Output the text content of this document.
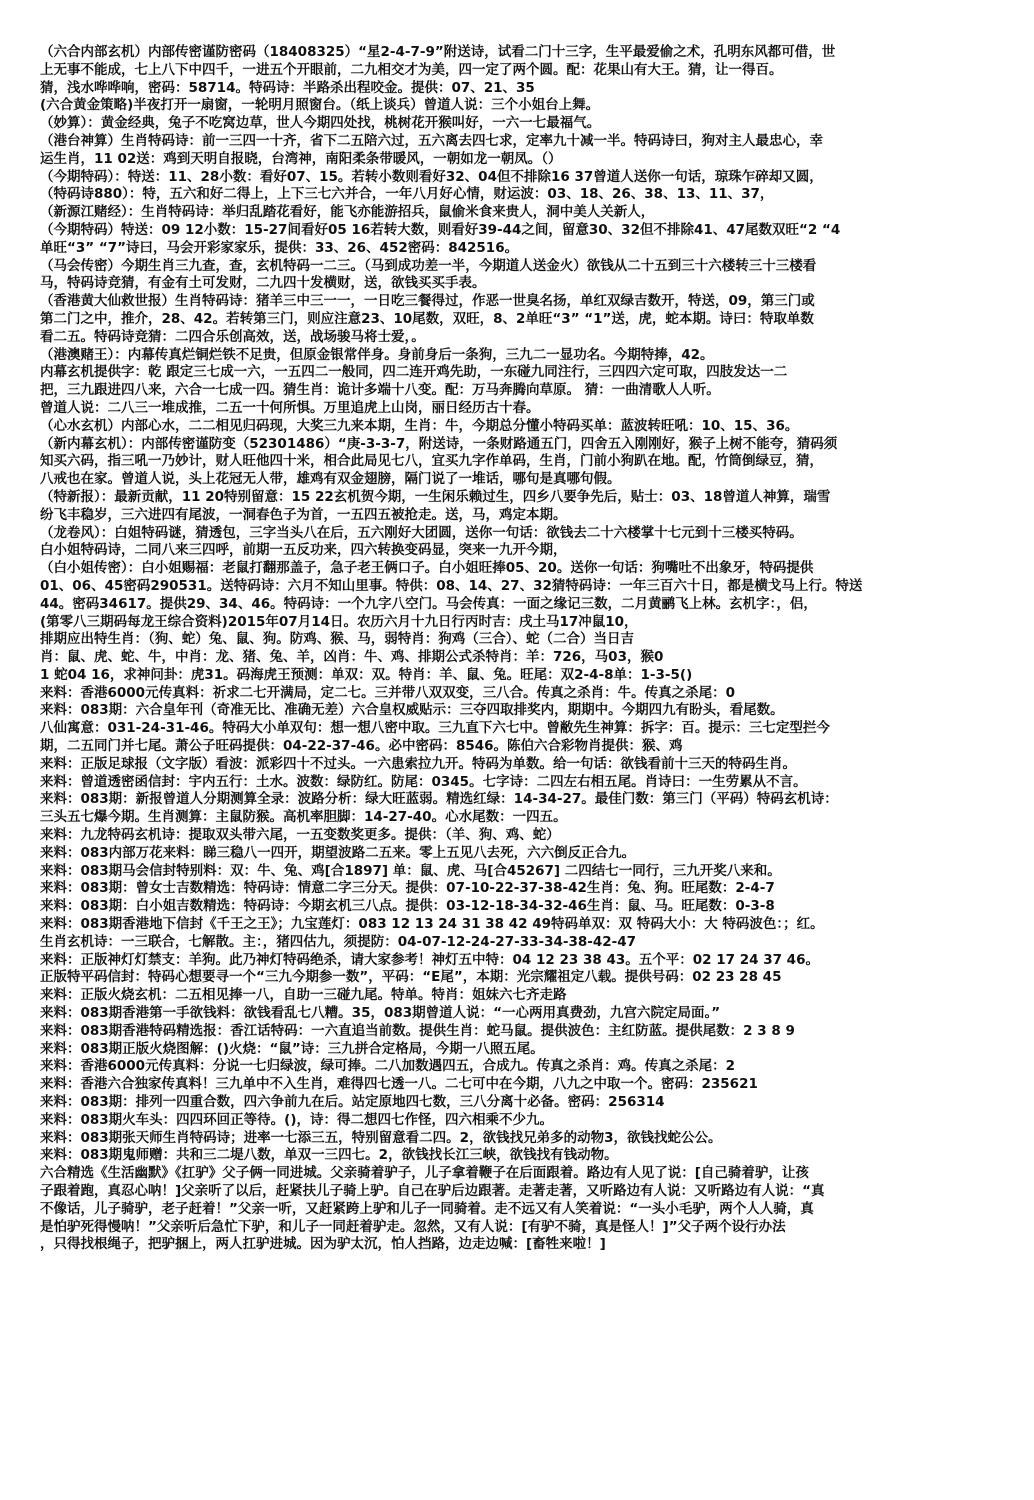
（六合内部玄机）内部传密谨防密码（18408325）“星2-4-7-9”附送诗，试看二门十三字，生平最爱偷之术，孔明东风都可借，世
上无事不能成，七上八下中四千，一进五个开眼前，二九相交才为美，四一定了两个圆。配：花果山有大王。猜，让一得百。
猜，浅水哗哗响，密码：58714。特码诗：半路杀出程咬金。提供：07、21、35
(六合黄金策略)半夜打开一扇窗，一轮明月照窗台。（纸上谈兵）曾道人说：三个小姐台上舞。
（妙算）：黄金经典，兔子不吃窝边草，世人今期四处找，桃树花开猴叫好，一六一七最福气。
（港台神算）生肖特码诗：前一三四一十齐，省下二五陪六过，五六离去四七求，定率九十减一半。特码诗曰，狗对主人最忠心，幸
运生肖，11 02送：鸡到天明自报晓，台湾神，南阳柔条带暖风，一朝如龙一朝凤。（）
（今期特码）：特送：11、28小数：看好07、15。若转小数则看好32、04但不排除16 37曾道人送你一句话，琼珠乍碎却又圆，
（特码诗880）：特，五六和好二得上，上下三七六并合，一年八月好心情，财运波：03、18、26、38、13、11、37，
（新源江赌经）：生肖特码诗：举归乱踏花看好，能飞亦能游招兵，鼠偷米食来贵人，洞中美人关新人，
（今期特码）特送：09 12小数：15-27间看好05 16若转大数，则看好39-44之间，留意30、32但不排除41、47尾数双旺“2 “4
单旺“3” “7”诗曰，马会开彩家家乐，提供：33、26、452密码：842516。
（马会传密）今期生肖三九查，查，玄机特码一二三。（马到成功差一半，今期道人送金火）欲钱从二十五到三十六楼转三十三楼看
马，特码诗竞猜，有金有土可发财，二九四十发横财，送，欲钱买买手表。
（香港黄大仙救世报）生肖特码诗：猪羊三中三一一，一日吃三餐得过，作恶一世臭名扬，单红双绿吉数开，特送，09，第三门或
第二门之中，推介，28、42。若转第三门，则应注意23、10尾数，双旺，8、2单旺“3” “1”送，虎，蛇本期。诗曰：特取单数
看二五。特码诗竞猜：二四合乐创高效，送，战场骏马将士爱，。
（港澳赌王）：内幕传真烂铜烂铁不足贵，但原金银常伴身。身前身后一条狗，三九二一显功名。今期特捧，42。
内幕玄机提供字：乾 跟定三七成一六，一五四二一般同，四二连开鸡先助，一东碰九同注行，三四四六定可取，四肢发达一二
把，三九跟进四八来，六合一七成一四。猜生肖：诡计多端十八变。配：万马奔腾向草原。 猜：一曲清歌人人听。
曾道人说：二八三一堆成推，二五一十何所惧。万里追虎上山岗，丽日经历古十春。
（心水玄机）内部心水，二二相见归码现，大奖三九来本期，生肖：牛，今期总分懂小特码买单：蓝波转旺吼：10、15、36。
（新内幕玄机）：内部传密谨防变（52301486）“庚-3-3-7，附送诗，一条财路通五门，四舍五入刚刚好，猴子上树不能夸，猜码须
知买六码，指三吼一乃妙计，财人旺他四十米，相合此局见七八，宜买九字作单码，生肖，门前小狗趴在地。配，竹筒倒绿豆，猜，
八戒也在家。曾道人说，头上花冠无人带，雄鸡有双金翅膀，隔门说了一堆话，哪句是真哪句假。
（特新报）：最新贡献，11 20特别留意：15 22玄机贺今期，一生闲乐赖过生，四乡八要争先后，贴士：03、18曾道人神算，瑞雪
纷飞丰稳岁，三六进四有尾波，一洞春色子为首，一五四五被抢走。送，马，鸡定本期。
（龙卷风）：白姐特码谜，猜透包，三字当头八在后，五六刚好大团圆，送你一句话：欲钱去二十六楼掌十七元到十三楼买特码。
白小姐特码诗，二同八来三四呼，前期一五反功来，四六转换变码显，突来一九开今期，
（白小姐传密）：白小姐赐福：老鼠打翻那盖子，急子老王俩口子。白小姐旺捧05、20。送你一句话：狗嘴吐不出象牙，特码提供
01、06、45密码290531。送特码诗：六月不知山里事。特供：08、14、27、32猜特码诗：一年三百六十日，都是横戈马上行。特送
44。密码34617。提供29、34、46。特码诗：一个九字八空门。马会传真：一面之缘记三数，二月黄鹂飞上林。玄机字：，侣，
(第零八三期码每龙王综合资料)2015年07月14日。农历六月十九日行丙时吉：戌土马17冲鼠10，
排期应出特生肖：（狗、蛇）兔、鼠、狗。防鸡、猴、马，弱特肖：狗鸡（三合）、蛇（二合）当日吉
肖：鼠、虎、蛇、牛，中肖：龙、猪、兔、羊，凶肖：牛、鸡、排期公式杀特肖：羊：726，马03，猴0
1 蛇04 16，求神问卦：虎31。码海虎王预测：单双：双。特肖：羊、鼠、兔。旺尾：双2-4-8单：1-3-5()
来料：香港6000元传真料：祈求二七开满局，定二七。三并带八双双变，三八合。传真之杀肖：牛。传真之杀尾：0
来料：083期：六合皇年刊（奇准无比、准确无差）六合皇权威贴示：三夺四取排奖内，期期中。今期四九有盼头，看尾数。
八仙寓意：031-24-31-46。特码大小单双句：想一想八密中取。三九直下六七中。曾敝先生神算：拆字：百。提示：三七定型拦今
期，二五同门并七尾。萧公子旺码提供：04-22-37-46。必中密码：8546。陈伯六合彩物肖提供：猴、鸡
来料：正版足球报（文字版）看波：派彩四十不过头。一六患索拉九开。特码为单数。给一句话：欲钱看前十三天的特码生肖。
来料：曾道透密函信封：宇内五行：土水。波数：绿防红。防尾：0345。七字诗：二四左右相五尾。肖诗曰：一生劳累从不言。
来料：083期：新报曾道人分期测算全录：波路分析：绿大旺蓝弱。精选红绿：14-34-27。最佳门数：第三门（平码）特码玄机诗：
三头五七爆今期。生肖测算：主鼠防猴。高机率胆脚：14-27-40。心水尾数：一四五。
来料：九龙特码玄机诗：提取双头带六尾，一五变数奖更多。提供：（羊、狗、鸡、蛇）
来料：083内部万花来料：睇三稳八一四开，期望波路二五来。零上五见八去死，六六倒反正合九。
来料：083期马会信封特别料：双：牛、兔、鸡[合1897] 单：鼠、虎、马[合45267] 二四结七一同行，三九开奖八来和。
来料：083期：曾女士吉数精选：特码诗：情意二字三分天。提供：07-10-22-37-38-42生肖：兔、狗。旺尾数：2-4-7
来料：083期：白小姐吉数精选：特码诗：今期玄机三八点。提供：03-12-18-34-32-46生肖：鼠、马。旺尾数：0-3-8
来料：083期香港地下信封《千王之王》；九宝莲灯：083 12 13 24 31 38 42 49特码单双：双 特码大小：大 特码波色：；红。
生肖玄机诗：一三联合，七解散。主：，猪四估九，须提防：04-07-12-24-27-33-34-38-42-47
来料：正版神灯灯禁支：羊狗。此乃神灯特码绝杀，请大家参考！神灯五中特：04 12 23 38 43。五个平：02 17 24 37 46。
正版特平码信封：特码心想要寻一个“三九今期参一数”，平码：“E尾”，本期：光宗耀祖定八载。提供号码：02 23 28 45
来料：正版火烧玄机：二五相见捧一八，自助一三碰九尾。特单。特肖：姐妹六七齐走路
来料：083期香港第一手欲钱料：欲钱看乱七八糟。35，083期曾道人说：“一心两用真费劲，九宫六院定局面。”
来料：083期香港特码精选报：香江话特码：一六直追当前数。提供生肖：蛇马鼠。提供波色：主红防蓝。提供尾数：2 3 8 9
来料：083期正版火烧图解：()火烧：“鼠”诗：三九拼合定格局，今期一八照五尾。
来料：香港6000元传真料：分说一七归绿波，绿可捧。二八加数遇四五，合成九。传真之杀肖：鸡。传真之杀尾：2
来料：香港六合独家传真料！三九单中不入生肖，难得四七透一八。二七可中在今期，八九之中取一个。密码：235621
来料：083期：排列一四重合数，四六争前九在后。站定原地四七数，三八分离十必备。密码：256314
来料：083期火车头：四四环回正等待。()，诗：得二想四七作怪，四六相乘不少九。
来料：083期张天师生肖特码诗；进率一七添三五，特别留意看二四。2，欲钱找兄弟多的动物3，欲钱找蛇公公。
来料：083期鬼师赠：共和三二堤八数，单双一三四七。2，欲钱找长江三峡，欲钱找有钱动物。
六合精选《生活幽默》《扛驴》父子俩一同进城。父亲骑着驴子，儿子拿着鞭子在后面跟着。路边有人见了说：[自己骑着驴，让孩
子跟着跑，真忍心呐！]父亲听了以后，赶紧扶儿子骑上驴。自己在驴后边跟著。走著走著，又听路边有人说：又听路边有人说：“真
不像话，儿子骑驴，老子赶着！”父亲一听，又赶紧跨上驴和儿子一同骑着。走不远又有人笑着说：“一头小毛驴，两个人人骑，真
是怕驴死得慢呐！”父亲听后急忙下驴，和儿子一同赶着驴走。忽然，又有人说：[有驴不骑，真是怪人！]”父子两个设行办法
，只得找根绳子，把驴捆上，两人扛驴进城。因为驴太沉，怕人挡路，边走边喊：[畜牲来啦！]
